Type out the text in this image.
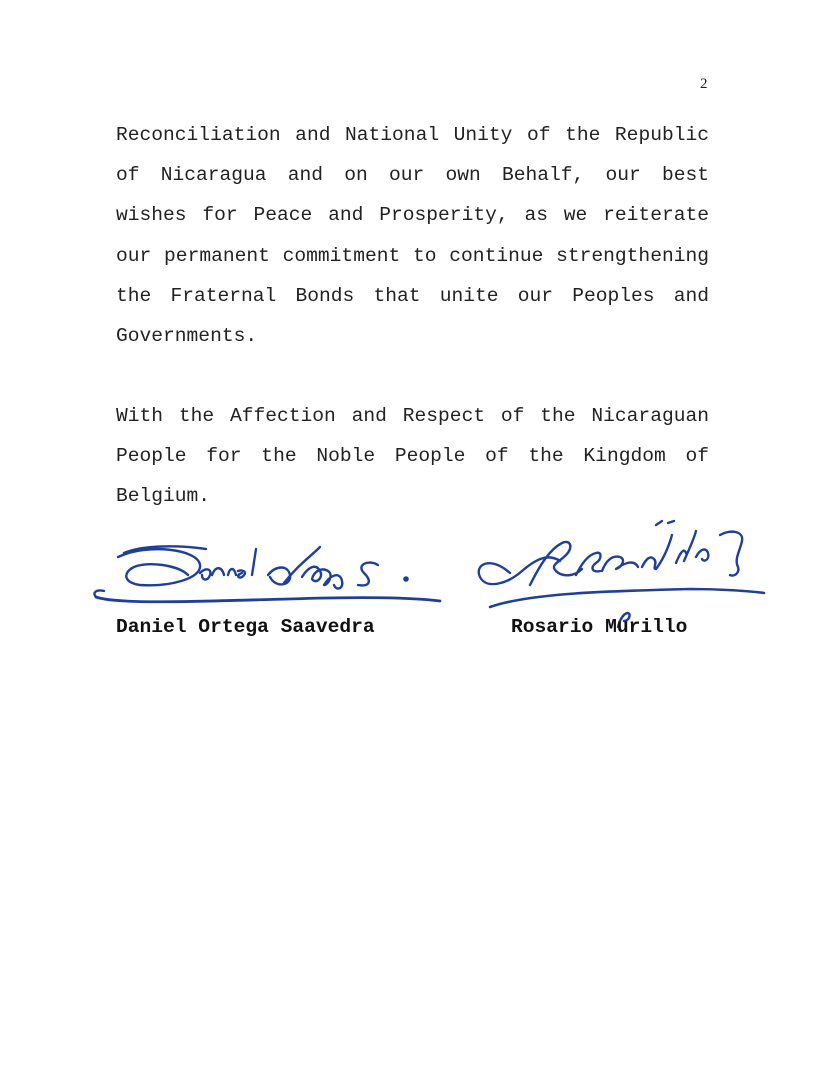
2
Reconciliation and National Unity of the Republic of Nicaragua and on our own Behalf, our best wishes for Peace and Prosperity, as we reiterate our permanent commitment to continue strengthening the Fraternal Bonds that unite our Peoples and Governments.
With the Affection and Respect of the Nicaraguan People for the Noble People of the Kingdom of Belgium.
Daniel Ortega Saavedra	Rosario Murillo
